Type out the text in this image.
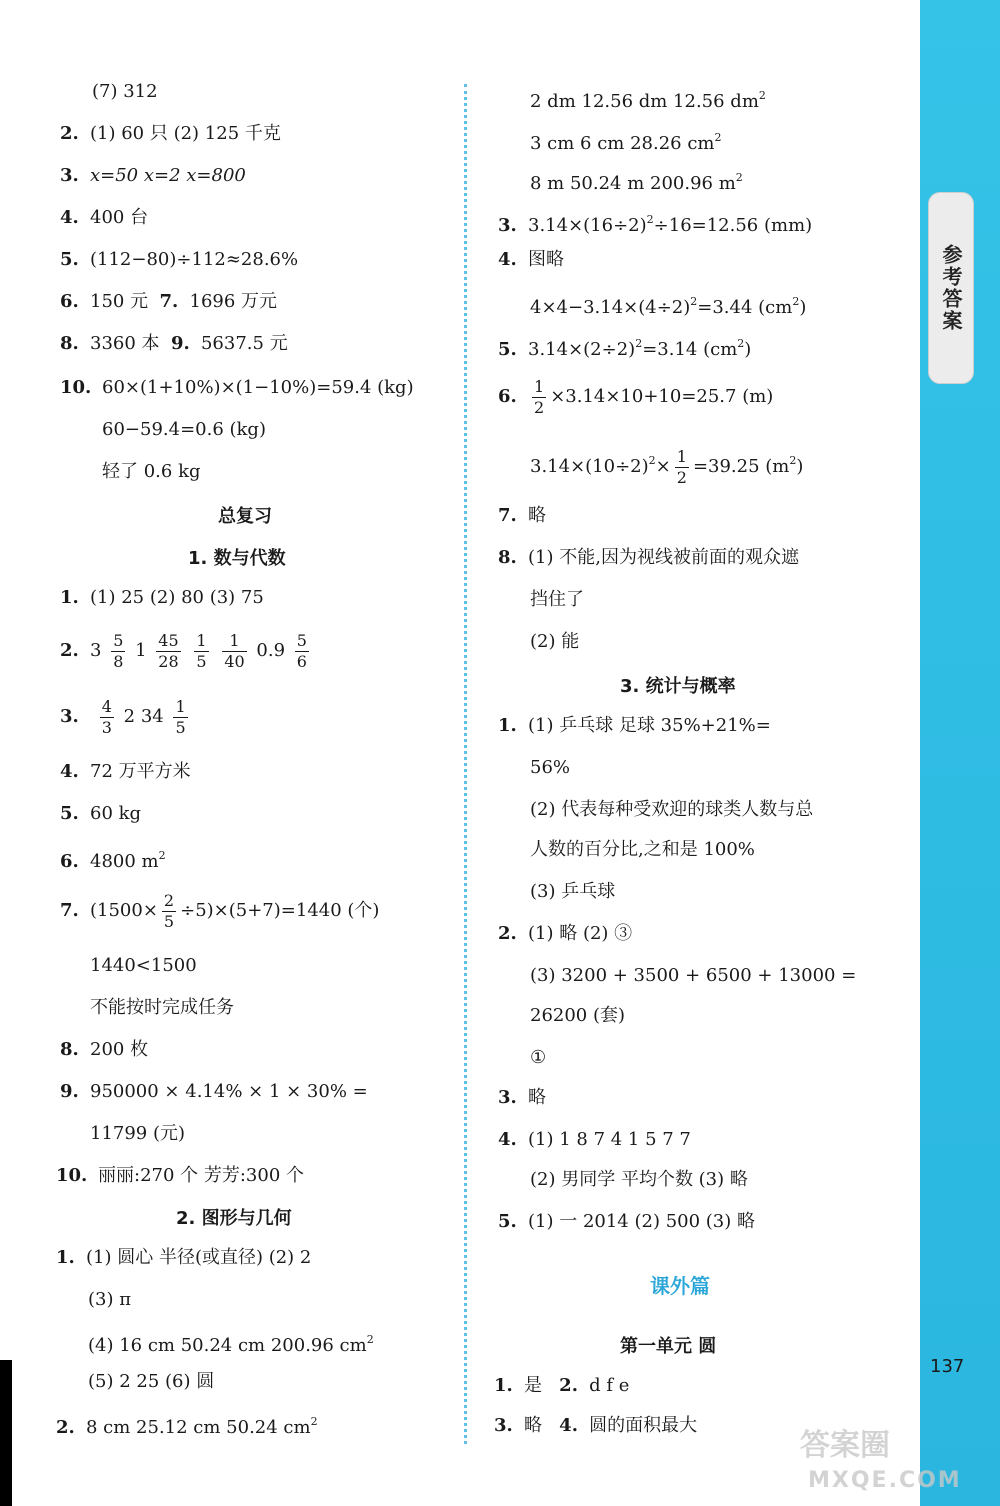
参考答案
(7) 312
2. (1) 60 只 (2) 125 千克
3. x=50 x=2 x=800
4. 400 台
5. (112−80)÷112≈28.6%
6. 150 元 7. 1696 万元
8. 3360 本 9. 5637.5 元
10. 60×(1+10%)×(1−10%)=59.4 (kg)
60−59.4=0.6 (kg)
轻了 0.6 kg
总复习
1. 数与代数
1. (1) 25 (2) 80 (3) 75
2. $3 \frac{5}{8} 1 \frac{45}{28}$
$\frac{1}{5}$
$\frac{1}{40} 0.9 \frac{5}{6}$
3. $\frac{4}{3} 2$ $34 \frac{1}{5}$
4. 72 万平方米
5. 60 kg
6. 4800 $m^2$
7. $(1500\times \frac{2}{5} \div 5)\times(5+7)=1440$ (个)
1440<1500
不能按时完成任务
8. 200 枚
9. 950000 × 4.14% × 1 × 30% =
11799 (元)
10. 丽丽:270 个 芳芳:300 个
2. 图形与几何
1. (1) 圆心 半径(或直径) (2) 2
(3) π
(4) 16 cm 50.24 cm 200.96 $cm^2$
(5) 2 25 (6) 圆
2. 8 cm 25.12 cm 50.24 $cm^2$
2 dm 12.56 dm 12.56 $dm^2$
3 cm 6 cm 28.26 $cm^2$
8 m 50.24 m 200.96 $m^2$
3. $3.14\times(16\div 2)^2\div 16=12.56$ (mm)
4. 图略
$4\times 4-3.14\times(4\div 2)^2=3.44$ $(cm^2)$
5. $3.14\times(2\div 2)^2=3.14$ $(cm^2)$
6. $\frac{1}{2} \times 3.14\times 10+10=25.7$ (m)
$3.14\times(10\div 2)^2\times \frac{1}{2} =39.25$ $(m^2)$
7. 略
8. (1) 不能,因为视线被前面的观众遮
挡住了
(2) 能
3. 统计与概率
1. (1) 乒乓球 足球 35%+21%=
56%
(2) 代表每种受欢迎的球类人数与总
人数的百分比,之和是 100%
(3) 乒乓球
2. (1) 略 (2) ③
(3) 3200 + 3500 + 6500 + 13000 =
26200 (套)
①
3. 略
4. (1) 1 8 7 4 1 5 7 7
(2) 男同学 平均个数 (3) 略
5. (1) 一 2014 (2) 500 (3) 略
课外篇
第一单元 圆
1. 是 2. d f e
3. 略 4. 圆的面积最大
137
答案圈
MXQE.COM
